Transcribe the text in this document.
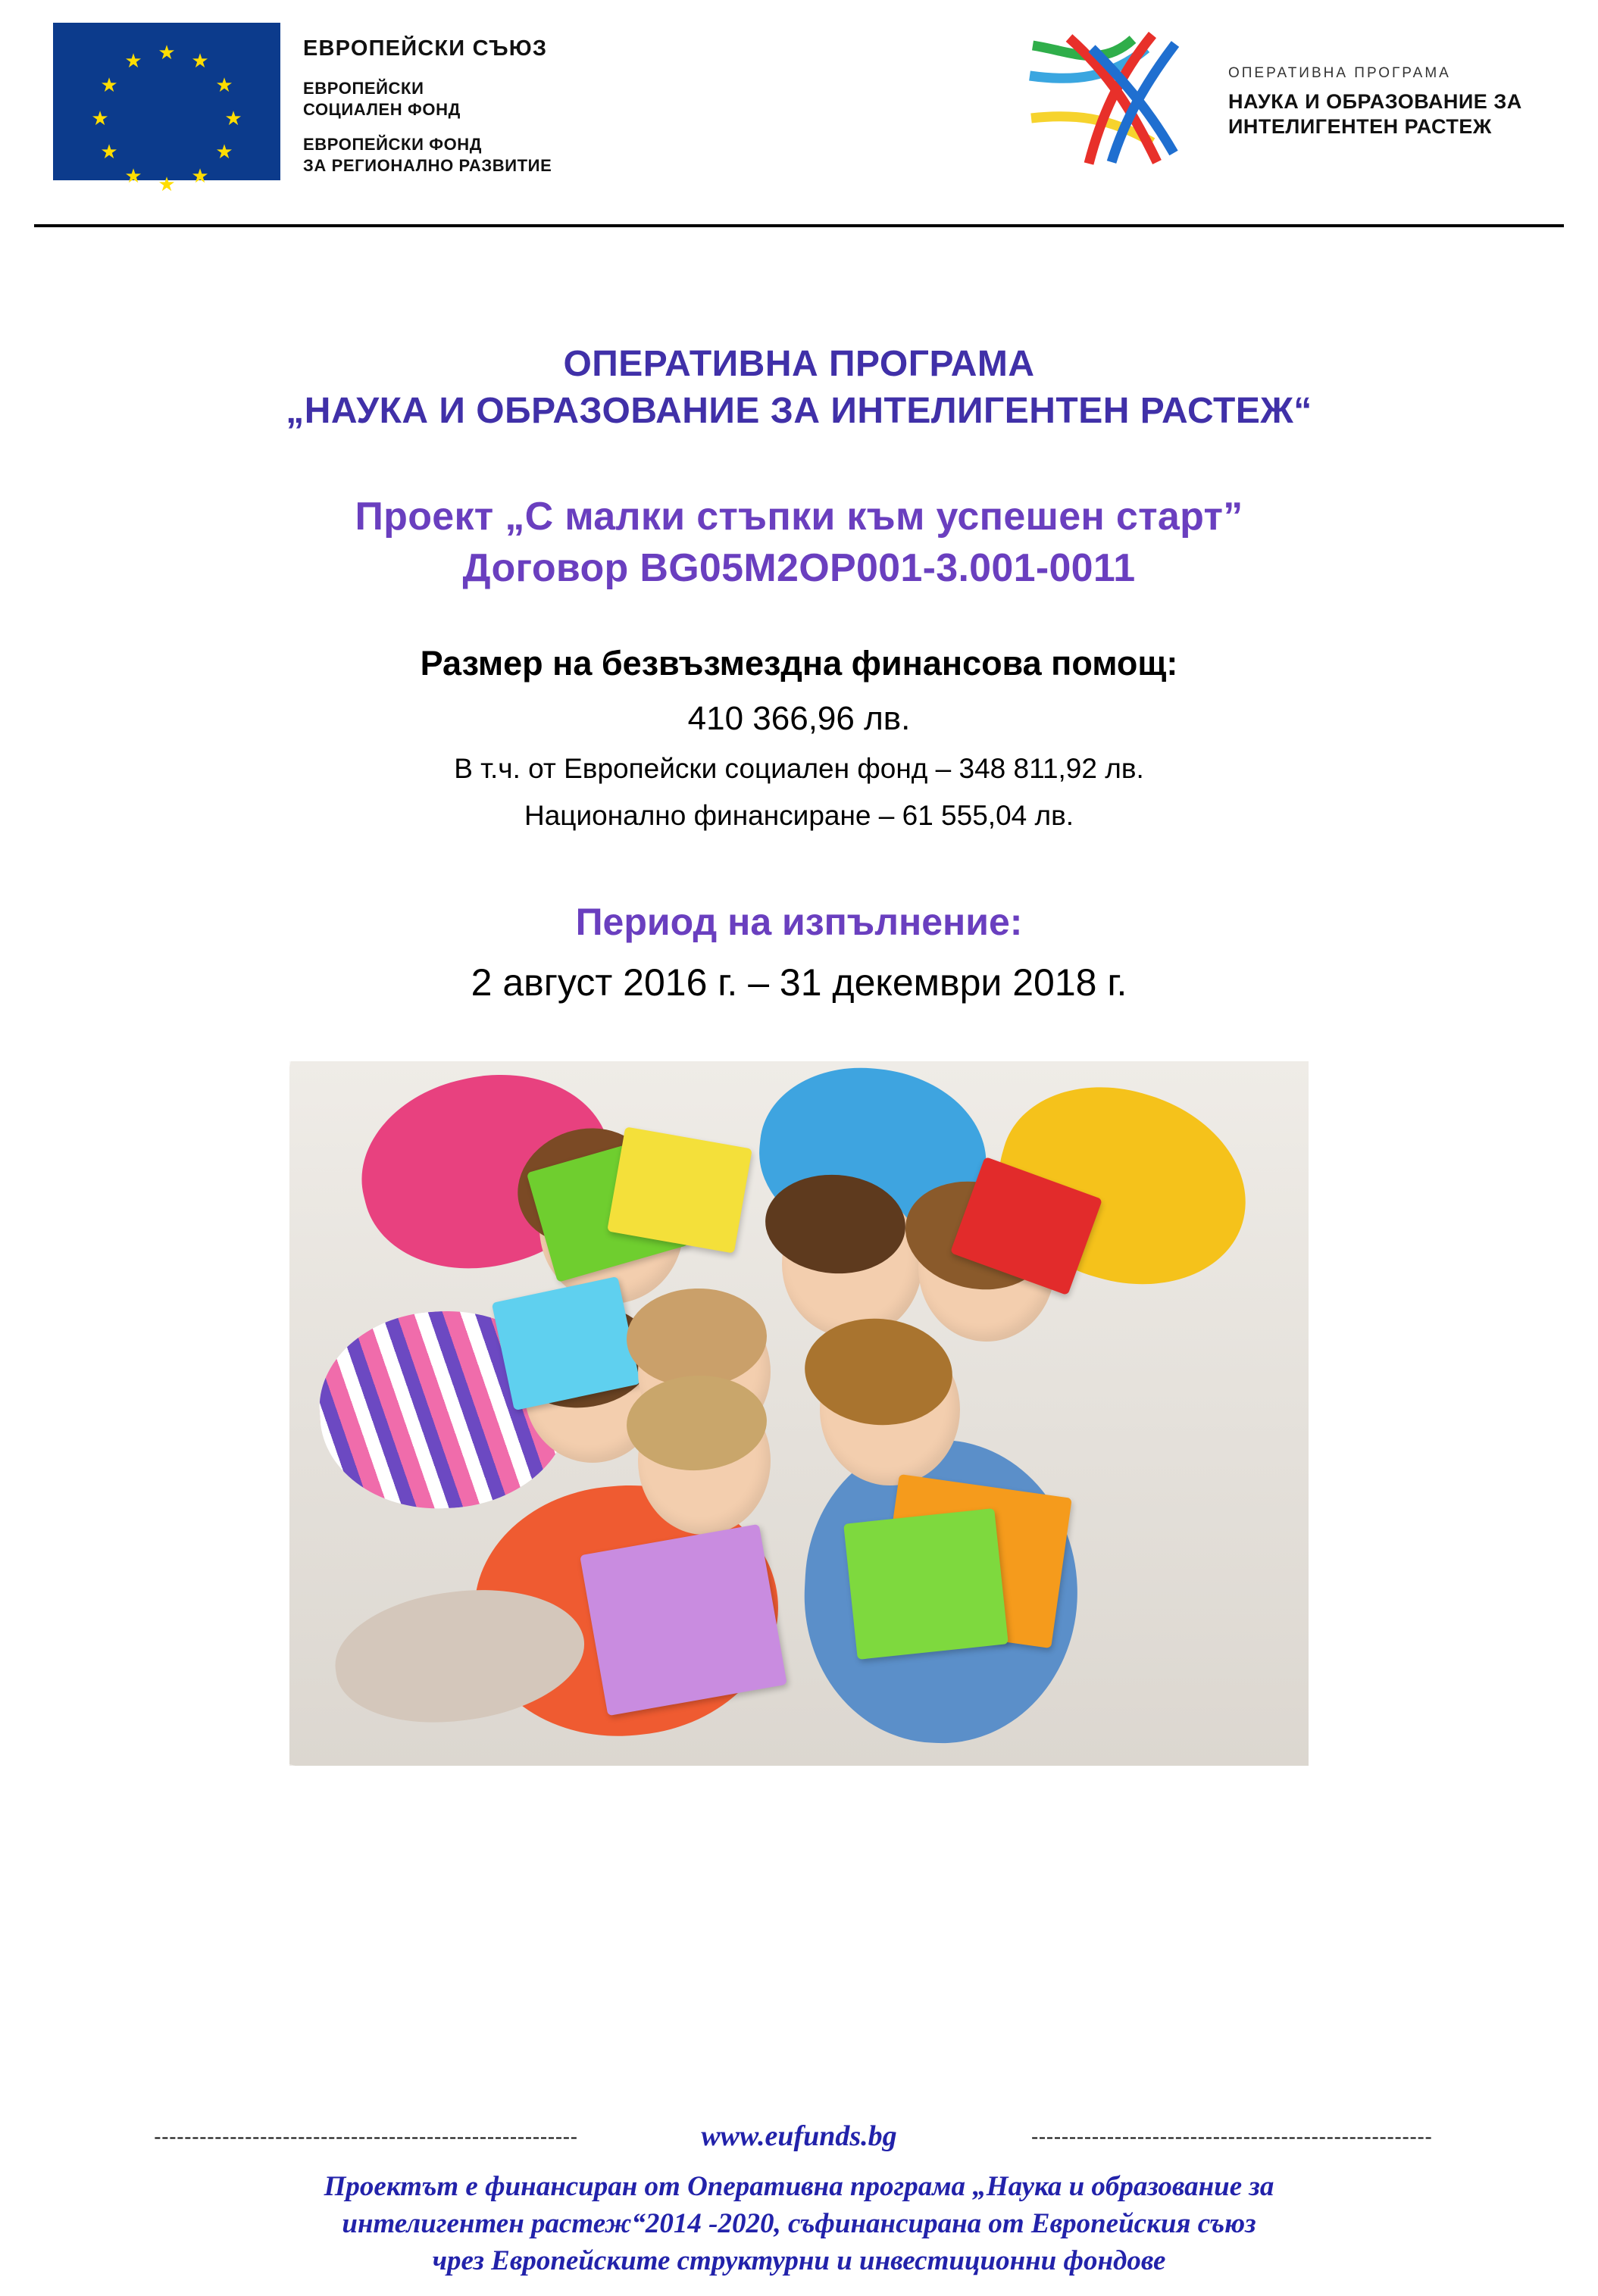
★ ★
★
★
★
★
★
★
★
★
★
★	ЕВРОПЕЙСКИ СЪЮЗ
ЕВРОПЕЙСКИ
СОЦИАЛЕН ФОНД
ЕВРОПЕЙСКИ ФОНД
ЗА РЕГИОНАЛНО РАЗВИТИЕ
ОПЕРАТИВНА ПРОГРАМА
НАУКА И ОБРАЗОВАНИЕ ЗА
ИНТЕЛИГЕНТЕН РАСТЕЖ
ОПЕРАТИВНА ПРОГРАМА
„НАУКА И ОБРАЗОВАНИЕ ЗА ИНТЕЛИГЕНТЕН РАСТЕЖ“
Проект „С малки стъпки към успешен старт”
Договор BG05M2OP001-3.001-0011
Размер на безвъзмездна финансова помощ:
410 366,96 лв.
В т.ч. от Европейски социален фонд – 348 811,92 лв.
Национално финансиране – 61 555,04 лв.
Период на изпълнение:
2 август 2016 г. – 31 декември 2018 г.
--------------------------------------------------------	www.eufunds.bg	-----------------------------------------------------
Проектът е финансиран от Оперативна програма „Наука и образование за
интелигентен растеж“2014 -2020, съфинансирана от Европейския съюз
чрез Европейските структурни и инвестиционни фондове
